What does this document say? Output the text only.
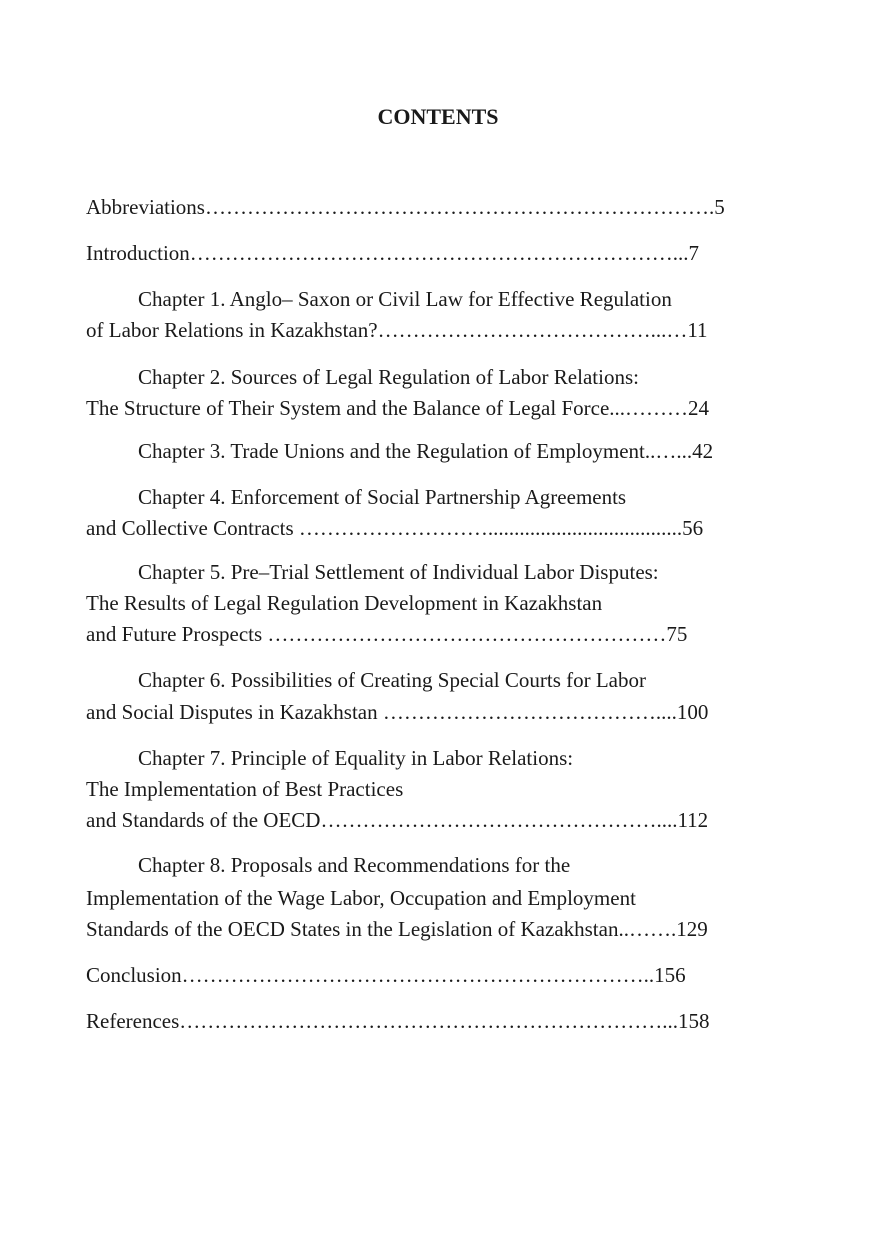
CONTENTS
Abbreviations……………………………………………………………….5
Introduction……………………………………………………………...7
Chapter 1. Anglo– Saxon or Civil Law for Effective Regulation
of Labor Relations in Kazakhstan?…………………………………...…11
Chapter 2. Sources of Legal Regulation of Labor Relations:
The Structure of Their System and the Balance of Legal Force...………24
Chapter 3. Trade Unions and the Regulation of Employment..…...42
Chapter 4. Enforcement of Social Partnership Agreements
and Collective Contracts ……………………….....................................56
Chapter 5. Pre–Trial Settlement of Individual Labor Disputes:
The Results of Legal Regulation Development in Kazakhstan
and Future Prospects …………………………………………………75
Chapter 6. Possibilities of Creating Special Courts for Labor
and Social Disputes in Kazakhstan …………………………………....100
Chapter 7. Principle of Equality in Labor Relations:
The Implementation of Best Practices
and Standards of the OECD…………………………………………....112
Chapter 8. Proposals and Recommendations for the
Implementation of the Wage Labor, Occupation and Employment
Standards of the OECD States in the Legislation of Kazakhstan..…….129
Conclusion…………………………………………………………..156
References……………………………………………………………...158
